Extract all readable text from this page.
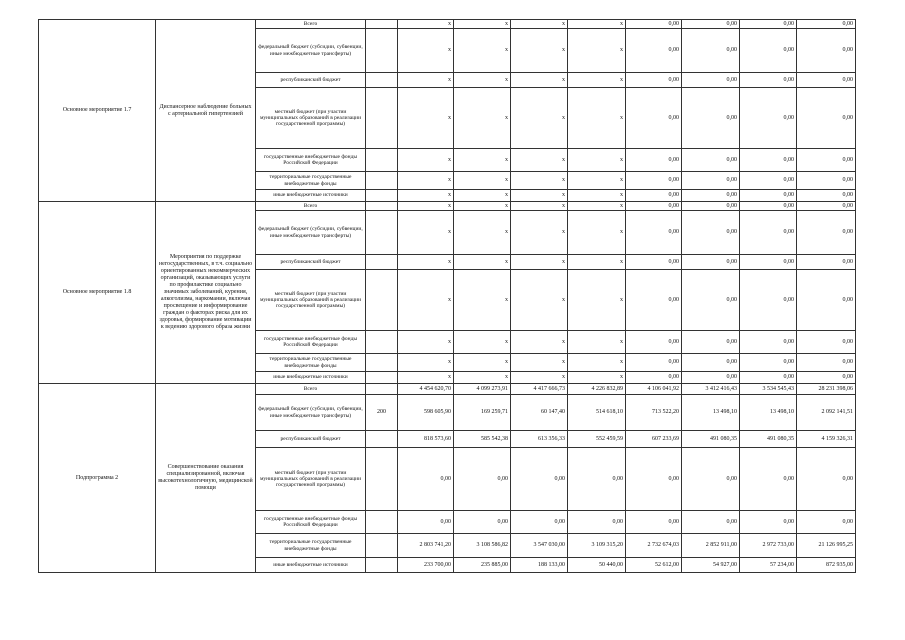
Основное мероприятие 1.7	Диспансерное наблюдение больных с артериальной гипертензией	Всего		x	x	x	x	0,00	0,00	0,00	0,00
		федеральный бюджет (субсидии, субвенции, иные межбюджетные трансферты)		x	x	x	x	0,00	0,00	0,00	0,00
		республиканский бюджет		x	x	x	x	0,00	0,00	0,00	0,00
		местный бюджет (при участии муниципальных образований в реализации государственной программы)		x	x	x	x	0,00	0,00	0,00	0,00
		государственные внебюджетные фонды Российской Федерации		x	x	x	x	0,00	0,00	0,00	0,00
		территориальные государственные внебюджетные фонды		x	x	x	x	0,00	0,00	0,00	0,00
		иные внебюджетные источники		x	x	x	x	0,00	0,00	0,00	0,00
Основное мероприятие 1.8	Мероприятия по поддержке негосударственных, в т.ч. социально ориентированных некоммерческих организаций, оказывающих услуги по профилактике социально значимых заболеваний, курения, алкоголизма, наркомании, включая просвещение и информирование граждан о факторах риска для их здоровья, формирование мотивации к ведению здорового образа жизни	Всего		x	x	x	x	0,00	0,00	0,00	0,00
		федеральный бюджет (субсидии, субвенции, иные межбюджетные трансферты)		x	x	x	x	0,00	0,00	0,00	0,00
		республиканский бюджет		x	x	x	x	0,00	0,00	0,00	0,00
		местный бюджет (при участии муниципальных образований в реализации государственной программы)		x	x	x	x	0,00	0,00	0,00	0,00
		государственные внебюджетные фонды Российской Федерации		x	x	x	x	0,00	0,00	0,00	0,00
		территориальные государственные внебюджетные фонды		x	x	x	x	0,00	0,00	0,00	0,00
		иные внебюджетные источники		x	x	x	x	0,00	0,00	0,00	0,00
Подпрограмма 2	Совершенствование оказания специализированной, включая высокотехнологичную, медицинской помощи	Всего		4 454 620,70	4 099 273,91	4 417 666,73	4 226 832,89	4 106 041,92	3 412 416,43	3 534 545,43	28 231 398,06
		федеральный бюджет (субсидии, субвенции, иные межбюджетные трансферты)	200	598 605,90	169 259,71	60 147,40	514 618,10	713 522,20	13 498,10	13 498,10	2 092 141,51
		республиканский бюджет		818 573,60	585 542,38	613 356,33	552 459,59	607 233,69	491 080,35	491 080,35	4 159 326,31
		местный бюджет (при участии муниципальных образований в реализации государственной программы)		0,00	0,00	0,00	0,00	0,00	0,00	0,00	0,00
		государственные внебюджетные фонды Российской Федерации		0,00	0,00	0,00	0,00	0,00	0,00	0,00	0,00
		территориальные государственные внебюджетные фонды		2 803 741,20	3 108 586,82	3 547 030,00	3 109 315,20	2 732 674,03	2 852 911,00	2 972 733,00	21 126 995,25
		иные внебюджетные источники		233 700,00	235 885,00	188 133,00	50 440,00	52 612,00	54 927,00	57 234,00	872 935,00
